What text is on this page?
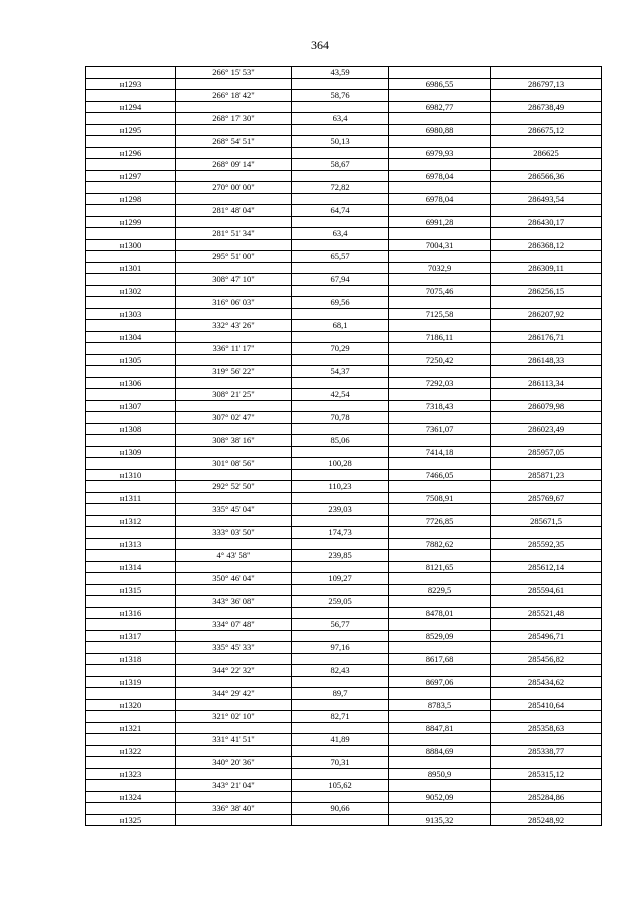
364
	266° 15' 53"	43,59		
н1293			6986,55	286797,13
	266° 18' 42"	58,76		
н1294			6982,77	286738,49
	268° 17' 30"	63,4		
н1295			6980,88	286675,12
	268° 54' 51"	50,13		
н1296			6979,93	286625
	268° 09' 14"	58,67		
н1297			6978,04	286566,36
	270° 00' 00"	72,82		
н1298			6978,04	286493,54
	281° 48' 04"	64,74		
н1299			6991,28	286430,17
	281° 51' 34"	63,4		
н1300			7004,31	286368,12
	295° 51' 00"	65,57		
н1301			7032,9	286309,11
	308° 47' 10"	67,94		
н1302			7075,46	286256,15
	316° 06' 03"	69,56		
н1303			7125,58	286207,92
	332° 43' 26"	68,1		
н1304			7186,11	286176,71
	336° 11' 17"	70,29		
н1305			7250,42	286148,33
	319° 56' 22"	54,37		
н1306			7292,03	286113,34
	308° 21' 25"	42,54		
н1307			7318,43	286079,98
	307° 02' 47"	70,78		
н1308			7361,07	286023,49
	308° 38' 16"	85,06		
н1309			7414,18	285957,05
	301° 08' 56"	100,28		
н1310			7466,05	285871,23
	292° 52' 50"	110,23		
н1311			7508,91	285769,67
	335° 45' 04"	239,03		
н1312			7726,85	285671,5
	333° 03' 50"	174,73		
н1313			7882,62	285592,35
	4° 43' 58"	239,85		
н1314			8121,65	285612,14
	350° 46' 04"	109,27		
н1315			8229,5	285594,61
	343° 36' 08"	259,05		
н1316			8478,01	285521,48
	334° 07' 48"	56,77		
н1317			8529,09	285496,71
	335° 45' 33"	97,16		
н1318			8617,68	285456,82
	344° 22' 32"	82,43		
н1319			8697,06	285434,62
	344° 29' 42"	89,7		
н1320			8783,5	285410,64
	321° 02' 10"	82,71		
н1321			8847,81	285358,63
	331° 41' 51"	41,89		
н1322			8884,69	285338,77
	340° 20' 36"	70,31		
н1323			8950,9	285315,12
	343° 21' 04"	105,62		
н1324			9052,09	285284,86
	336° 38' 40"	90,66		
н1325			9135,32	285248,92
